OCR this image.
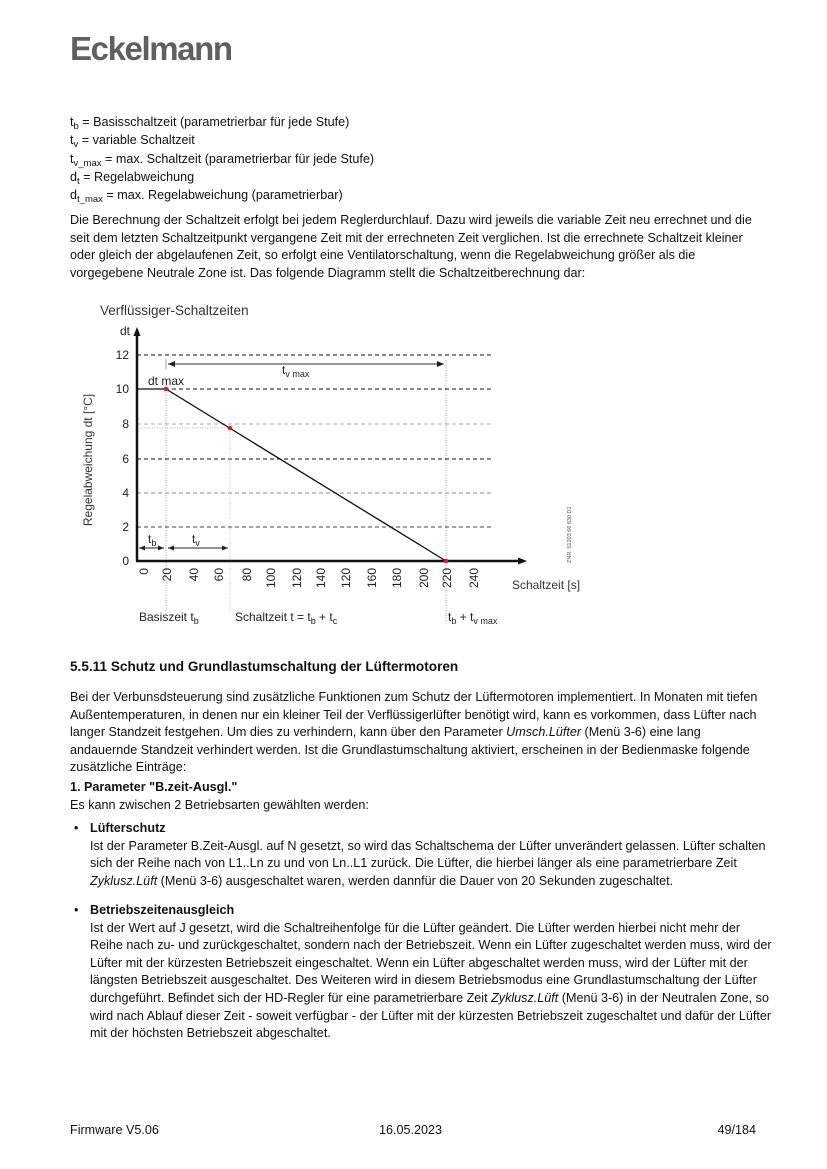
Eckelmann
$t_b$ = Basisschaltzeit (parametrierbar für jede Stufe)
$t_v$ = variable Schaltzeit
$t_{v\_max} = \max$. Schaltzeit (parametrierbar für jede Stufe)
$d_t$ = Regelabweichung
$d_{t\_max} = \max$. Regelabweichung (parametrierbar)
Die Berechnung der Schaltzeit erfolgt bei jedem Reglerdurchlauf. Dazu wird jeweils die variable Zeit neu errechnet und die seit dem letzten Schaltzeitpunkt vergangene Zeit mit der errechneten Zeit verglichen. Ist die errechnete Schaltzeit kleiner oder gleich der abgelaufenen Zeit, so erfolgt eine Ventilatorschaltung, wenn die Regelabweichung größer als die vorgegebene Neutrale Zone ist. Das folgende Diagramm stellt die Schaltzeitberechnung dar:
Verflüssiger-Schaltzeiten
dt
12
10
8
6
4
2
0
Regelabweichung dt [°C]
0 20 40 60 80 100 120 140 120 160 180 200 220 240	Schaltzeit [s]
dt max
$t_{v max}$
$t_b$	$t_v$
Basiszeit $t_b$	Schaltzeit $t = t_b + t_c$	$t_b + t_{v max}$
ZNR. 51203 66 630 D1
5.5.11 Schutz und Grundlastumschaltung der Lüftermotoren
Bei der Verbunsdsteuerung sind zusätzliche Funktionen zum Schutz der Lüftermotoren implementiert. In Monaten mit tiefen Außentemperaturen, in denen nur ein kleiner Teil der Verflüssigerlüfter benötigt wird, kann es vorkommen, dass Lüfter nach langer Standzeit festgehen. Um dies zu verhindern, kann über den Parameter Umsch.Lüfter (Menü 3-6) eine lang andauernde Standzeit verhindert werden. Ist die Grundlastumschaltung aktiviert, erscheinen in der Bedienmaske folgende zusätzliche Einträge:
1. Parameter "B.zeit-Ausgl."
Es kann zwischen 2 Betriebsarten gewählten werden:
• Lüfterschutz
Ist der Parameter B.Zeit-Ausgl. auf N gesetzt, so wird das Schaltschema der Lüfter unverändert gelassen. Lüfter schalten sich der Reihe nach von L1..Ln zu und von Ln..L1 zurück. Die Lüfter, die hierbei länger als eine parametrierbare Zeit Zyklusz.Lüft (Menü 3-6) ausgeschaltet waren, werden dannfür die Dauer von 20 Sekunden zugeschaltet.
• Betriebszeitenausgleich
Ist der Wert auf J gesetzt, wird die Schaltreihenfolge für die Lüfter geändert. Die Lüfter werden hierbei nicht mehr der Reihe nach zu- und zurückgeschaltet, sondern nach der Betriebszeit. Wenn ein Lüfter zugeschaltet werden muss, wird der Lüfter mit der kürzesten Betriebszeit eingeschaltet. Wenn ein Lüfter abgeschaltet werden muss, wird der Lüfter mit der längsten Betriebszeit ausgeschaltet. Des Weiteren wird in diesem Betriebsmodus eine Grundlastumschaltung der Lüfter durchgeführt. Befindet sich der HD-Regler für eine parametrierbare Zeit Zyklusz.Lüft (Menü 3-6) in der Neutralen Zone, so wird nach Ablauf dieser Zeit - soweit verfügbar - der Lüfter mit der kürzesten Betriebszeit zugeschaltet und dafür der Lüfter mit der höchsten Betriebszeit abgeschaltet.
Firmware V5.06	16.05.2023	49/184
